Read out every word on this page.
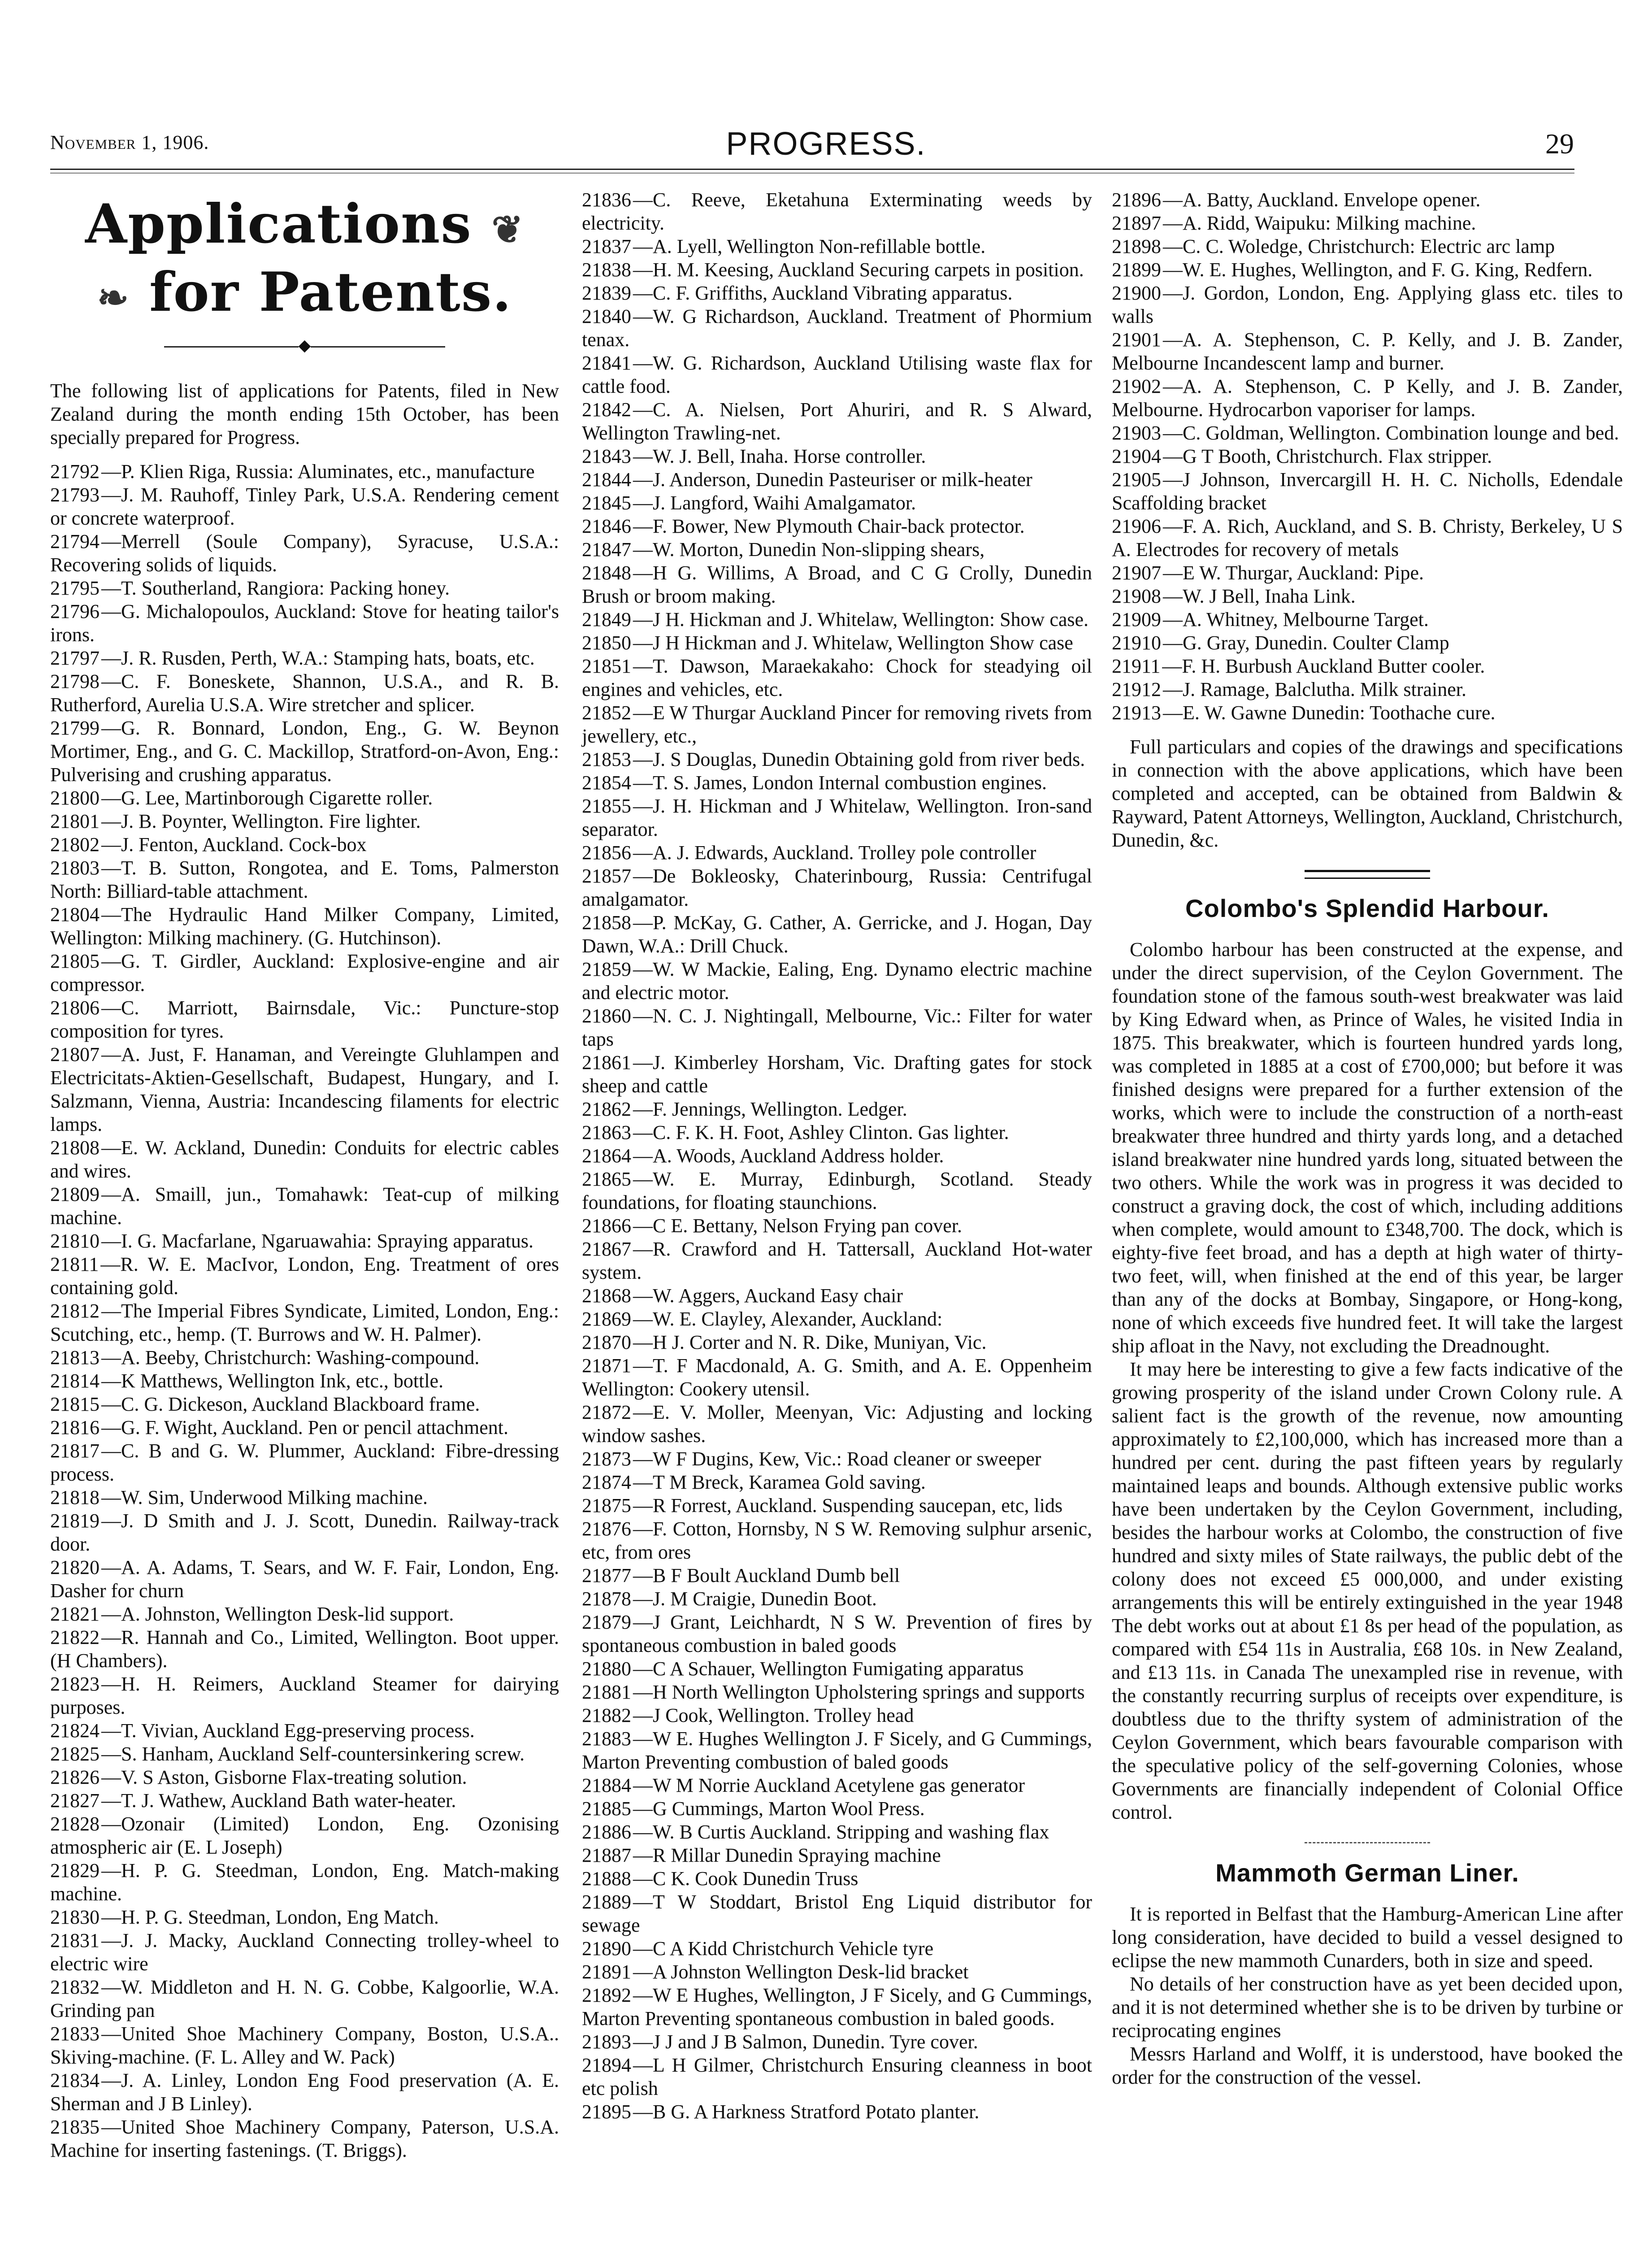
November 1, 1906.	PROGRESS.	29
Applications ❦
❧ for Patents.
◆

The following list of applications for Patents, filed in New Zealand during the month ending 15th October, has been specially prepared for Progress.

21792—P. Klien Riga, Russia: Aluminates, etc., manufacture

21793—J. M. Rauhoff, Tinley Park, U.S.A. Rendering cement or concrete waterproof.

21794—Merrell (Soule Company), Syracuse, U.S.A.: Recovering solids of liquids.

21795—T. Southerland, Rangiora: Packing honey.

21796—G. Michalopoulos, Auckland: Stove for heating tailor's irons.

21797—J. R. Rusden, Perth, W.A.: Stamping hats, boats, etc.

21798—C. F. Boneskete, Shannon, U.S.A., and R. B. Rutherford, Aurelia U.S.A. Wire stretcher and splicer.

21799—G. R. Bonnard, London, Eng., G. W. Beynon Mortimer, Eng., and G. C. Mackillop, Stratford-on-Avon, Eng.: Pulverising and crushing apparatus.

21800—G. Lee, Martinborough Cigarette roller.

21801—J. B. Poynter, Wellington. Fire lighter.

21802—J. Fenton, Auckland. Cock-box

21803—T. B. Sutton, Rongotea, and E. Toms, Palmerston North: Billiard-table attachment.

21804—The Hydraulic Hand Milker Company, Limited, Wellington: Milking machinery. (G. Hutchinson).

21805—G. T. Girdler, Auckland: Explosive-engine and air compressor.

21806—C. Marriott, Bairnsdale, Vic.: Puncture-stop composition for tyres.

21807—A. Just, F. Hanaman, and Vereingte Gluhlampen and Electricitats-Aktien-Gesellschaft, Budapest, Hungary, and I. Salzmann, Vienna, Austria: Incandescing filaments for electric lamps.

21808—E. W. Ackland, Dunedin: Conduits for electric cables and wires.

21809—A. Smaill, jun., Tomahawk: Teat-cup of milking machine.

21810—I. G. Macfarlane, Ngaruawahia: Spraying apparatus.

21811—R. W. E. MacIvor, London, Eng. Treatment of ores containing gold.

21812—The Imperial Fibres Syndicate, Limited, London, Eng.: Scutching, etc., hemp. (T. Burrows and W. H. Palmer).

21813—A. Beeby, Christchurch: Washing-compound.

21814—K Matthews, Wellington Ink, etc., bottle.

21815—C. G. Dickeson, Auckland Blackboard frame.

21816—G. F. Wight, Auckland. Pen or pencil attachment.

21817—C. B and G. W. Plummer, Auckland: Fibre-dressing process.

21818—W. Sim, Underwood Milking machine.

21819—J. D Smith and J. J. Scott, Dunedin. Railway-track door.

21820—A. A. Adams, T. Sears, and W. F. Fair, London, Eng. Dasher for churn

21821—A. Johnston, Wellington Desk-lid support.

21822—R. Hannah and Co., Limited, Wellington. Boot upper. (H Chambers).

21823—H. H. Reimers, Auckland Steamer for dairying purposes.

21824—T. Vivian, Auckland Egg-preserving process.

21825—S. Hanham, Auckland Self-countersinkering screw.

21826—V. S Aston, Gisborne Flax-treating solution.

21827—T. J. Wathew, Auckland Bath water-heater.

21828—Ozonair (Limited) London, Eng. Ozonising atmospheric air (E. L Joseph)

21829—H. P. G. Steedman, London, Eng. Match-making machine.

21830—H. P. G. Steedman, London, Eng Match.

21831—J. J. Macky, Auckland Connecting trolley-wheel to electric wire

21832—W. Middleton and H. N. G. Cobbe, Kalgoorlie, W.A. Grinding pan

21833—United Shoe Machinery Company, Boston, U.S.A.. Skiving-machine. (F. L. Alley and W. Pack)

21834—J. A. Linley, London Eng Food preservation (A. E. Sherman and J B Linley).

21835—United Shoe Machinery Company, Paterson, U.S.A. Machine for inserting fastenings. (T. Briggs).

21836—C. Reeve, Eketahuna Exterminating weeds by electricity.

21837—A. Lyell, Wellington Non-refillable bottle.

21838—H. M. Keesing, Auckland Securing carpets in position.

21839—C. F. Griffiths, Auckland Vibrating apparatus.

21840—W. G Richardson, Auckland. Treatment of Phormium tenax.

21841—W. G. Richardson, Auckland Utilising waste flax for cattle food.

21842—C. A. Nielsen, Port Ahuriri, and R. S Alward, Wellington Trawling-net.

21843—W. J. Bell, Inaha. Horse controller.

21844—J. Anderson, Dunedin Pasteuriser or milk-heater

21845—J. Langford, Waihi Amalgamator.

21846—F. Bower, New Plymouth Chair-back protector.

21847—W. Morton, Dunedin Non-slipping shears,

21848—H G. Willims, A Broad, and C G Crolly, Dunedin Brush or broom making.

21849—J H. Hickman and J. Whitelaw, Wellington: Show case.

21850—J H Hickman and J. Whitelaw, Wellington Show case

21851—T. Dawson, Maraekakaho: Chock for steadying oil engines and vehicles, etc.

21852—E W Thurgar Auckland Pincer for removing rivets from jewellery, etc.,

21853—J. S Douglas, Dunedin Obtaining gold from river beds.

21854—T. S. James, London Internal combustion engines.

21855—J. H. Hickman and J Whitelaw, Wellington. Iron-sand separator.

21856—A. J. Edwards, Auckland. Trolley pole controller

21857—De Bokleosky, Chaterinbourg, Russia: Centrifugal amalgamator.

21858—P. McKay, G. Cather, A. Gerricke, and J. Hogan, Day Dawn, W.A.: Drill Chuck.

21859—W. W Mackie, Ealing, Eng. Dynamo electric machine and electric motor.

21860—N. C. J. Nightingall, Melbourne, Vic.: Filter for water taps

21861—J. Kimberley Horsham, Vic. Drafting gates for stock sheep and cattle

21862—F. Jennings, Wellington. Ledger.

21863—C. F. K. H. Foot, Ashley Clinton. Gas lighter.

21864—A. Woods, Auckland Address holder.

21865—W. E. Murray, Edinburgh, Scotland. Steady foundations, for floating staunchions.

21866—C E. Bettany, Nelson Frying pan cover.

21867—R. Crawford and H. Tattersall, Auckland Hot-water system.

21868—W. Aggers, Auckand Easy chair

21869—W. E. Clayley, Alexander, Auckland:

21870—H J. Corter and N. R. Dike, Muniyan, Vic.

21871—T. F Macdonald, A. G. Smith, and A. E. Oppenheim Wellington: Cookery utensil.

21872—E. V. Moller, Meenyan, Vic: Adjusting and locking window sashes.

21873—W F Dugins, Kew, Vic.: Road cleaner or sweeper

21874—T M Breck, Karamea Gold saving.

21875—R Forrest, Auckland. Suspending saucepan, etc, lids

21876—F. Cotton, Hornsby, N S W. Removing sulphur arsenic, etc, from ores

21877—B F Boult Auckland Dumb bell

21878—J. M Craigie, Dunedin Boot.

21879—J Grant, Leichhardt, N S W. Prevention of fires by spontaneous combustion in baled goods

21880—C A Schauer, Wellington Fumigating apparatus

21881—H North Wellington Upholstering springs and supports

21882—J Cook, Wellington. Trolley head

21883—W E. Hughes Wellington J. F Sicely, and G Cummings, Marton Preventing combustion of baled goods

21884—W M Norrie Auckland Acetylene gas generator

21885—G Cummings, Marton Wool Press.

21886—W. B Curtis Auckland. Stripping and washing flax

21887—R Millar Dunedin Spraying machine

21888—C K. Cook Dunedin Truss

21889—T W Stoddart, Bristol Eng Liquid distributor for sewage

21890—C A Kidd Christchurch Vehicle tyre

21891—A Johnston Wellington Desk-lid bracket

21892—W E Hughes, Wellington, J F Sicely, and G Cummings, Marton Preventing spontaneous combustion in baled goods.

21893—J J and J B Salmon, Dunedin. Tyre cover.

21894—L H Gilmer, Christchurch Ensuring cleanness in boot etc polish

21895—B G. A Harkness Stratford Potato planter.

21896—A. Batty, Auckland. Envelope opener.

21897—A. Ridd, Waipuku: Milking machine.

21898—C. C. Woledge, Christchurch: Electric arc lamp

21899—W. E. Hughes, Wellington, and F. G. King, Redfern.

21900—J. Gordon, London, Eng. Applying glass etc. tiles to walls

21901—A. A. Stephenson, C. P. Kelly, and J. B. Zander, Melbourne Incandescent lamp and burner.

21902—A. A. Stephenson, C. P Kelly, and J. B. Zander, Melbourne. Hydrocarbon vaporiser for lamps.

21903—C. Goldman, Wellington. Combination lounge and bed.

21904—G T Booth, Christchurch. Flax stripper.

21905—J Johnson, Invercargill H. H. C. Nicholls, Edendale Scaffolding bracket

21906—F. A. Rich, Auckland, and S. B. Christy, Berkeley, U S A. Electrodes for recovery of metals

21907—E W. Thurgar, Auckland: Pipe.

21908—W. J Bell, Inaha Link.

21909—A. Whitney, Melbourne Target.

21910—G. Gray, Dunedin. Coulter Clamp

21911—F. H. Burbush Auckland Butter cooler.

21912—J. Ramage, Balclutha. Milk strainer.

21913—E. W. Gawne Dunedin: Toothache cure.

Full particulars and copies of the drawings and specifications in connection with the above applications, which have been completed and accepted, can be obtained from Baldwin & Rayward, Patent Attorneys, Wellington, Auckland, Christchurch, Dunedin, &c.

Colombo's Splendid Harbour.

Colombo harbour has been constructed at the expense, and under the direct supervision, of the Ceylon Government. The foundation stone of the famous south-west breakwater was laid by King Edward when, as Prince of Wales, he visited India in 1875. This breakwater, which is fourteen hundred yards long, was completed in 1885 at a cost of £700,000; but before it was finished designs were prepared for a further extension of the works, which were to include the construction of a north-east breakwater three hundred and thirty yards long, and a detached island breakwater nine hundred yards long, situated between the two others. While the work was in progress it was decided to construct a graving dock, the cost of which, including additions when complete, would amount to £348,700. The dock, which is eighty-five feet broad, and has a depth at high water of thirty-two feet, will, when finished at the end of this year, be larger than any of the docks at Bombay, Singapore, or Hong-kong, none of which exceeds five hundred feet. It will take the largest ship afloat in the Navy, not excluding the Dreadnought.

It may here be interesting to give a few facts indicative of the growing prosperity of the island under Crown Colony rule. A salient fact is the growth of the revenue, now amounting approximately to £2,100,000, which has increased more than a hundred per cent. during the past fifteen years by regularly maintained leaps and bounds. Although extensive public works have been undertaken by the Ceylon Government, including, besides the harbour works at Colombo, the construction of five hundred and sixty miles of State railways, the public debt of the colony does not exceed £5 000,000, and under existing arrangements this will be entirely extinguished in the year 1948 The debt works out at about £1 8s per head of the population, as compared with £54 11s in Australia, £68 10s. in New Zealand, and £13 11s. in Canada The unexampled rise in revenue, with the constantly recurring surplus of receipts over expenditure, is doubtless due to the thrifty system of administration of the Ceylon Government, which bears favourable comparison with the speculative policy of the self-governing Colonies, whose Governments are financially independent of Colonial Office control.

Mammoth German Liner.

It is reported in Belfast that the Hamburg-American Line after long consideration, have decided to build a vessel designed to eclipse the new mammoth Cunarders, both in size and speed.

No details of her construction have as yet been decided upon, and it is not determined whether she is to be driven by turbine or reciprocating engines

Messrs Harland and Wolff, it is understood, have booked the order for the construction of the vessel.
